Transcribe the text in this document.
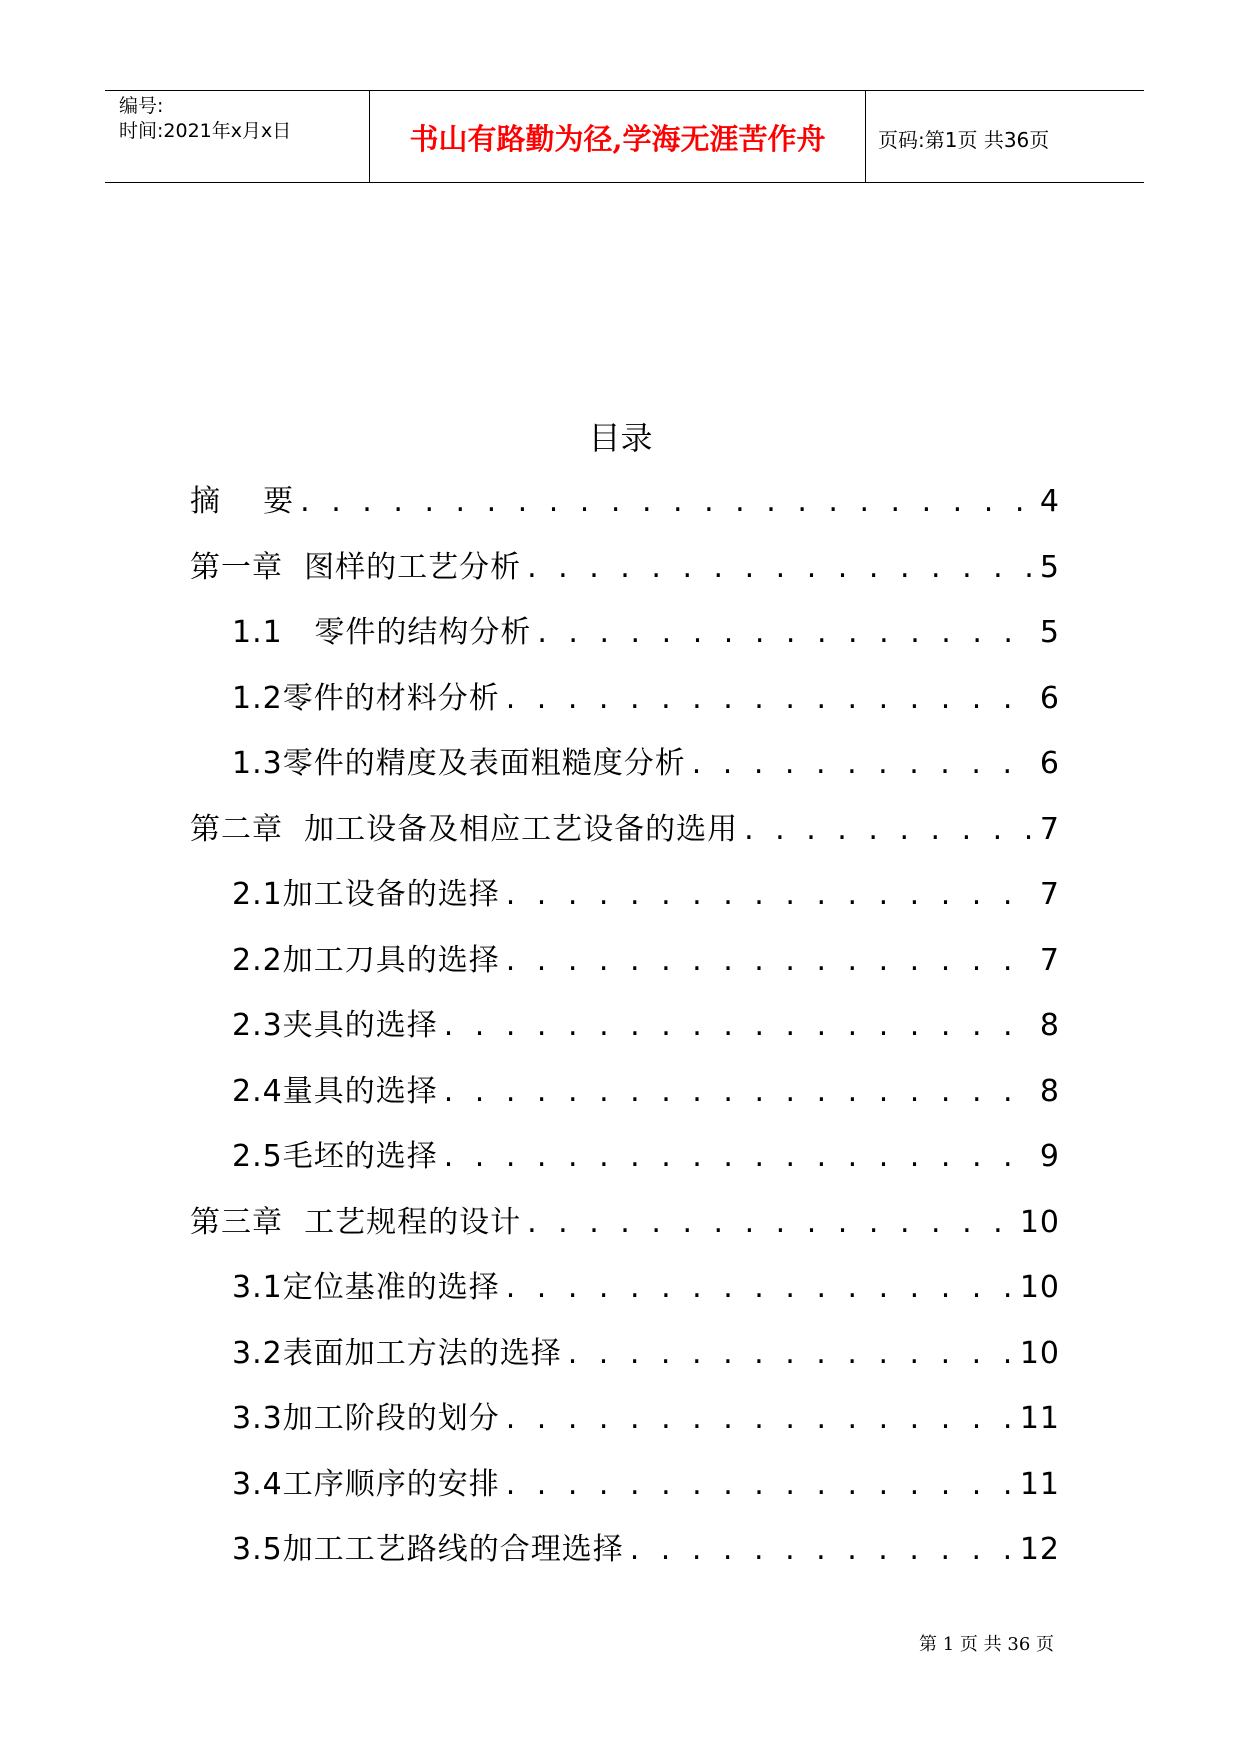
编号:
时间:2021年x月x日	书山有路勤为径,学海无涯苦作舟	页码:第1页 共36页
目录
摘    要 . . .	4
第一章  图样的工艺分析 . . .	5
1.1   零件的结构分析 . . .	5
1.2零件的材料分析 . . .	6
1.3零件的精度及表面粗糙度分析 . . .	6
第二章  加工设备及相应工艺设备的选用 . . .	7
2.1加工设备的选择 . . .	7
2.2加工刀具的选择 . . .	7
2.3夹具的选择 . . .	8
2.4量具的选择 . . .	8
2.5毛坯的选择 . . .	9
第三章  工艺规程的设计 . . .	10
3.1定位基准的选择 . . .	10
3.2表面加工方法的选择 . . .	10
3.3加工阶段的划分 . . .	11
3.4工序顺序的安排 . . .	11
3.5加工工艺路线的合理选择 . . .	12
第 1 页 共 36 页
